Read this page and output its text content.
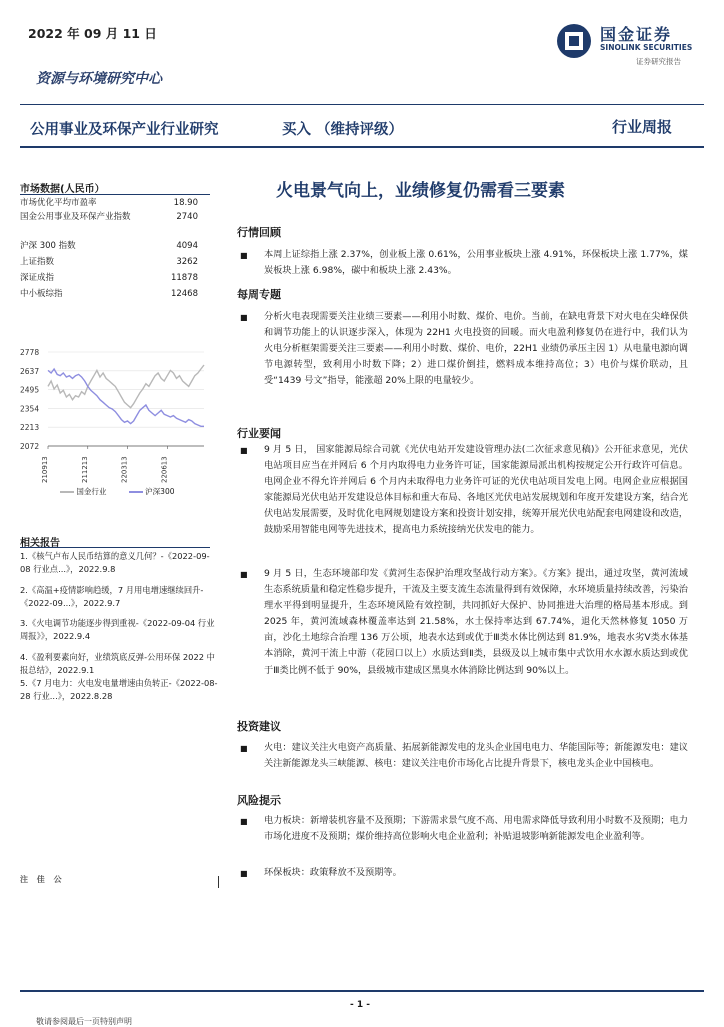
2022 年 09 月 11 日
资源与环境研究中心
国金证券
SINOLINK SECURITIES
证券研究报告
公用事业及环保产业行业研究	买入 （维持评级）	行业周报
市场数据(人民币）
市场优化平均市盈率	18.90
国金公用事业及环保产业指数	2740
沪深 300 指数	4094
上证指数	3262
深证成指	11878
中小板综指	12468
2778
2637
2495
2354
2213
2072
210913	211213	220313	220613
国金行业	沪深300
相关报告
1.《核气卢布人民币结算的意义几何？-《2022-09-08 行业点...》，2022.9.8
2.《高温+疫情影响趋缓，7 月用电增速继续回升-《2022-09...》，2022.9.7
3.《火电调节功能逐步得到重视-《2022-09-04 行业周报》》，2022.9.4
4.《盈利要素向好，业绩筑底反弹-公用环保 2022 中报总结》，2022.9.1
5.《7 月电力：火电发电量增速由负转正-《2022-08-28 行业...》，2022.8.28
注 佳 公
火电景气向上，业绩修复仍需看三要素
行情回顾
■ 本周上证综指上涨 2.37%，创业板上涨 0.61%，公用事业板块上涨 4.91%，环保板块上涨 1.77%，煤炭板块上涨 6.98%，碳中和板块上涨 2.43%。
每周专题
■ 分析火电表现需要关注业绩三要素——利用小时数、煤价、电价。当前，在缺电背景下对火电在尖峰保供和调节功能上的认识逐步深入，体现为 22H1 火电投资的回暖。而火电盈利修复仍在进行中，我们认为火电分析框架需要关注三要素——利用小时数、煤价、电价，22H1 业绩仍承压主因 1）从电量电源向调节电源转型，致利用小时数下降；2）进口煤价倒挂，燃料成本维持高位；3）电价与煤价联动，且受“1439 号文”指导，能涨超 20%上限的电量较少。
行业要闻
■ 9 月 5 日， 国家能源局综合司就《光伏电站开发建设管理办法(二次征求意见稿)》公开征求意见，光伏电站项目应当在并网后 6 个月内取得电力业务许可证，国家能源局派出机构按规定公开行政许可信息。电网企业不得允许并网后 6 个月内未取得电力业务许可证的光伏电站项目发电上网。电网企业应根据国家能源局光伏电站开发建设总体目标和重大布局、各地区光伏电站发展规划和年度开发建设方案，结合光伏电站发展需要，及时优化电网规划建设方案和投资计划安排，统筹开展光伏电站配套电网建设和改造，鼓励采用智能电网等先进技术，提高电力系统接纳光伏发电的能力。
■ 9 月 5 日，生态环境部印发《黄河生态保护治理攻坚战行动方案》。《方案》提出，通过攻坚，黄河流域生态系统质量和稳定性稳步提升，干流及主要支流生态流量得到有效保障，水环境质量持续改善，污染治理水平得到明显提升，生态环境风险有效控制，共同抓好大保护、协同推进大治理的格局基本形成。到 2025 年，黄河流域森林覆盖率达到 21.58%，水土保持率达到 67.74%，退化天然林修复 1050 万亩，沙化土地综合治理 136 万公顷，地表水达到或优于Ⅲ类水体比例达到 81.9%，地表水劣Ⅴ类水体基本消除，黄河干流上中游（花园口以上）水质达到Ⅱ类，县级及以上城市集中式饮用水水源水质达到或优于Ⅲ类比例不低于 90%，县级城市建成区黑臭水体消除比例达到 90%以上。
投资建议
■ 火电：建议关注火电资产高质量、拓展新能源发电的龙头企业国电电力、华能国际等；新能源发电：建议关注新能源龙头三峡能源、核电：建议关注电价市场化占比提升背景下，核电龙头企业中国核电。
风险提示
■ 电力板块：新增装机容量不及预期；下游需求景气度不高、用电需求降低导致利用小时数不及预期；电力市场化进度不及预期；煤价维持高位影响火电企业盈利；补贴退坡影响新能源发电企业盈利等。
■ 环保板块：政策释放不及预期等。
- 1 -
敬请参阅最后一页特别声明
